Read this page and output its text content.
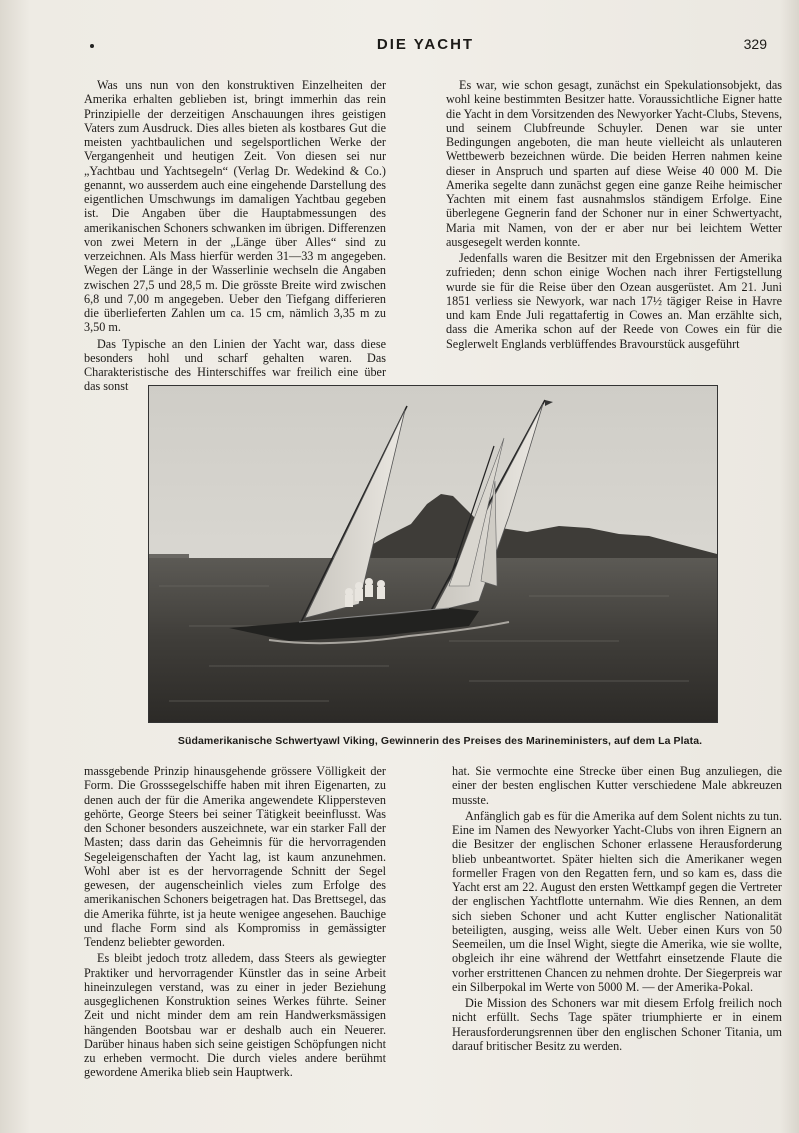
DIE YACHT	329

Was uns nun von den konstruktiven Einzelheiten der Amerika erhalten geblieben ist, bringt immerhin das rein Prinzipielle der derzeitigen Anschauungen ihres geistigen Vaters zum Ausdruck. Dies alles bieten als kostbares Gut die meisten yachtbaulichen und segelsportlichen Werke der Vergangenheit und heutigen Zeit. Von diesen sei nur „Yachtbau und Yachtsegeln“ (Verlag Dr. Wedekind & Co.) genannt, wo ausserdem auch eine eingehende Darstellung des eigentlichen Umschwungs im damaligen Yachtbau gegeben ist. Die Angaben über die Hauptabmessungen des amerikanischen Schoners schwanken im übrigen. Differenzen von zwei Metern in der „Länge über Alles“ sind zu verzeichnen. Als Mass hierfür werden 31—33 m angegeben. Wegen der Länge in der Wasserlinie wechseln die Angaben zwischen 27,5 und 28,5 m. Die grösste Breite wird zwischen 6,8 und 7,00 m angegeben. Ueber den Tiefgang differieren die überlieferten Zahlen um ca. 15 cm, nämlich 3,35 m zu 3,50 m.

Das Typische an den Linien der Yacht war, dass diese besonders hohl und scharf gehalten waren. Das Charakteristische des Hinterschiffes war freilich eine über das sonst

Es war, wie schon gesagt, zunächst ein Spekulationsobjekt, das wohl keine bestimmten Besitzer hatte. Voraussichtliche Eigner hatte die Yacht in dem Vorsitzenden des Newyorker Yacht-Clubs, Stevens, und seinem Clubfreunde Schuyler. Denen war sie unter Bedingungen angeboten, die man heute vielleicht als unlauteren Wettbewerb bezeichnen würde. Die beiden Herren nahmen keine dieser in Anspruch und sparten auf diese Weise 40 000 M. Die Amerika segelte dann zunächst gegen eine ganze Reihe heimischer Yachten mit einem fast ausnahmslos ständigem Erfolge. Eine überlegene Gegnerin fand der Schoner nur in einer Schwertyacht, Maria mit Namen, von der er aber nur bei leichtem Wetter ausgesegelt werden konnte.

Jedenfalls waren die Besitzer mit den Ergebnissen der Amerika zufrieden; denn schon einige Wochen nach ihrer Fertigstellung wurde sie für die Reise über den Ozean ausgerüstet. Am 21. Juni 1851 verliess sie Newyork, war nach 17½ tägiger Reise in Havre und kam Ende Juli regattafertig in Cowes an. Man erzählte sich, dass die Amerika schon auf der Reede von Cowes ein für die Seglerwelt Englands verblüffendes Bravourstück ausgeführt

Südamerikanische Schwertyawl Viking, Gewinnerin des Preises des Marineministers, auf dem La Plata.

massgebende Prinzip hinausgehende grössere Völligkeit der Form. Die Grosssegelschiffe haben mit ihren Eigenarten, zu denen auch der für die Amerika angewendete Klippersteven gehörte, George Steers bei seiner Tätigkeit beeinflusst. Was den Schoner besonders auszeichnete, war ein starker Fall der Masten; dass darin das Geheimnis für die hervorragenden Segeleigenschaften der Yacht lag, ist kaum anzunehmen. Wohl aber ist es der hervorragende Schnitt der Segel gewesen, der augenscheinlich vieles zum Erfolge des amerikanischen Schoners beigetragen hat. Das Brettsegel, das die Amerika führte, ist ja heute wenigee angesehen. Bauchige und flache Form sind als Kompromiss in gemässigter Tendenz beliebter geworden.

Es bleibt jedoch trotz alledem, dass Steers als gewiegter Praktiker und hervorragender Künstler das in seine Arbeit hineinzulegen verstand, was zu einer in jeder Beziehung ausgeglichenen Konstruktion seines Werkes führte. Seiner Zeit und nicht minder dem am rein Handwerksmässigen hängenden Bootsbau war er deshalb auch ein Neuerer. Darüber hinaus haben sich seine geistigen Schöpfungen nicht zu erheben vermocht. Die durch vieles andere berühmt gewordene Amerika blieb sein Hauptwerk.

hat. Sie vermochte eine Strecke über einen Bug anzuliegen, die einer der besten englischen Kutter verschiedene Male abkreuzen musste.

Anfänglich gab es für die Amerika auf dem Solent nichts zu tun. Eine im Namen des Newyorker Yacht-Clubs von ihren Eignern an die Besitzer der englischen Schoner erlassene Herausforderung blieb unbeantwortet. Später hielten sich die Amerikaner wegen formeller Fragen von den Regatten fern, und so kam es, dass die Yacht erst am 22. August den ersten Wettkampf gegen die Vertreter der englischen Yachtflotte unternahm. Wie dies Rennen, an dem sich sieben Schoner und acht Kutter englischer Nationalität beteiligten, ausging, weiss alle Welt. Ueber einen Kurs von 50 Seemeilen, um die Insel Wight, siegte die Amerika, wie sie wollte, obgleich ihr eine während der Wettfahrt einsetzende Flaute die vorher erstrittenen Chancen zu nehmen drohte. Der Siegerpreis war ein Silberpokal im Werte von 5000 M. — der Amerika-Pokal.

Die Mission des Schoners war mit diesem Erfolg freilich noch nicht erfüllt. Sechs Tage später triumphierte er in einem Herausforderungsrennen über den englischen Schoner Titania, um darauf britischer Besitz zu werden.
